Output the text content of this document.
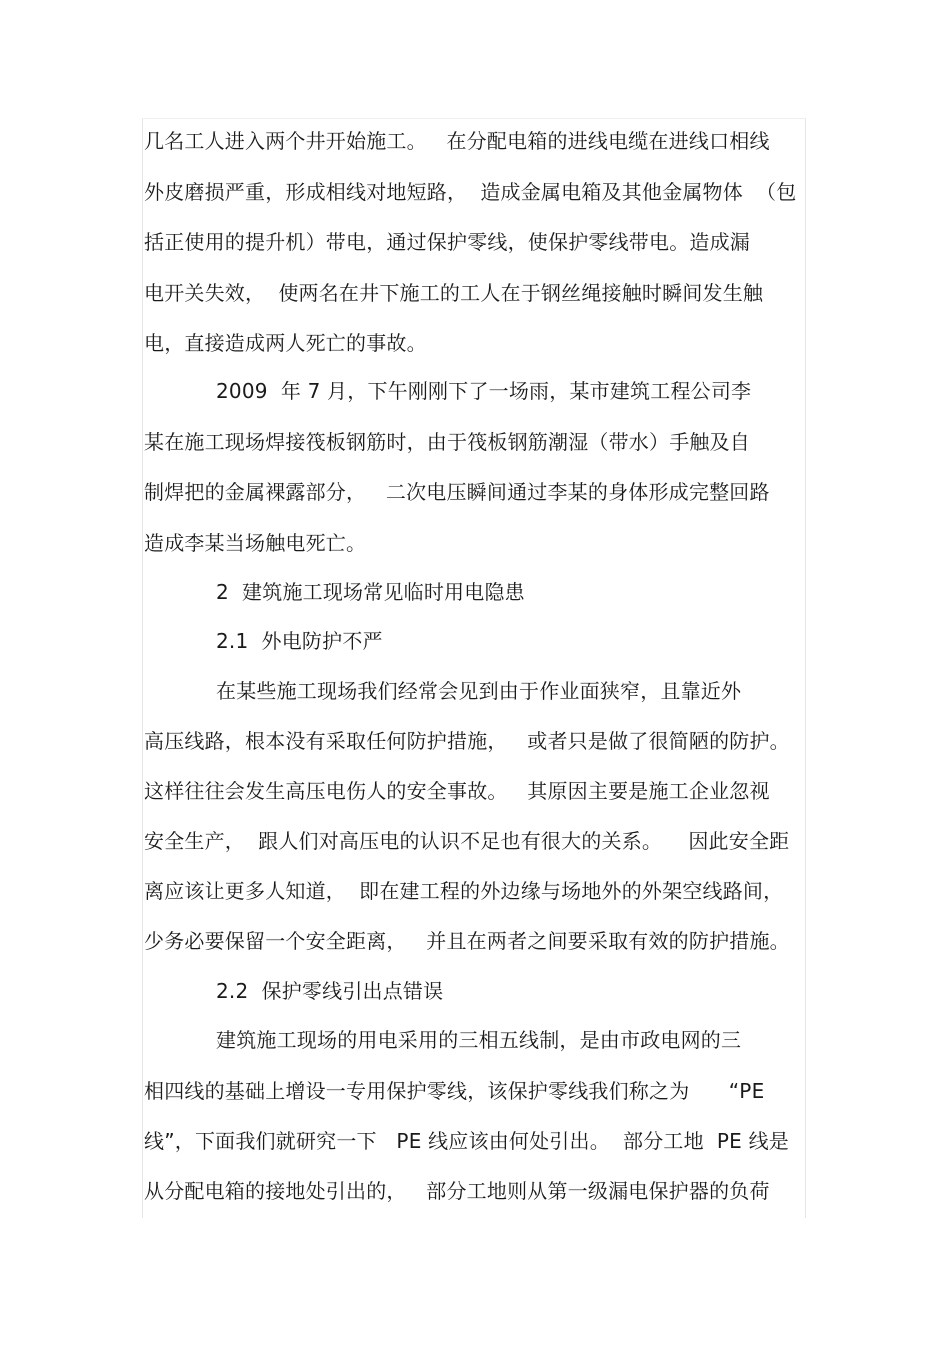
几名工人进入两个井开始施工。   在分配电箱的进线电缆在进线口相线
外皮磨损严重，形成相线对地短路，  造成金属电箱及其他金属物体  （包
括正使用的提升机）带电，通过保护零线，使保护零线带电。造成漏
电开关失效，  使两名在井下施工的工人在于钢丝绳接触时瞬间发生触
电，直接造成两人死亡的事故。
2009  年 7 月，下午刚刚下了一场雨，某市建筑工程公司李
某在施工现场焊接筏板钢筋时，由于筏板钢筋潮湿（带水）手触及自
制焊把的金属裸露部分，   二次电压瞬间通过李某的身体形成完整回路
造成李某当场触电死亡。
2  建筑施工现场常见临时用电隐患
2.1  外电防护不严
在某些施工现场我们经常会见到由于作业面狭窄，且靠近外
高压线路，根本没有采取任何防护措施，   或者只是做了很简陋的防护。
这样往往会发生高压电伤人的安全事故。   其原因主要是施工企业忽视
安全生产，  跟人们对高压电的认识不足也有很大的关系。    因此安全距
离应该让更多人知道，  即在建工程的外边缘与场地外的外架空线路间，
少务必要保留一个安全距离，   并且在两者之间要采取有效的防护措施。
2.2  保护零线引出点错误
建筑施工现场的用电采用的三相五线制，是由市政电网的三
相四线的基础上增设一专用保护零线，该保护零线我们称之为      “PE
线”，下面我们就研究一下   PE 线应该由何处引出。  部分工地  PE 线是
从分配电箱的接地处引出的，   部分工地则从第一级漏电保护器的负荷
